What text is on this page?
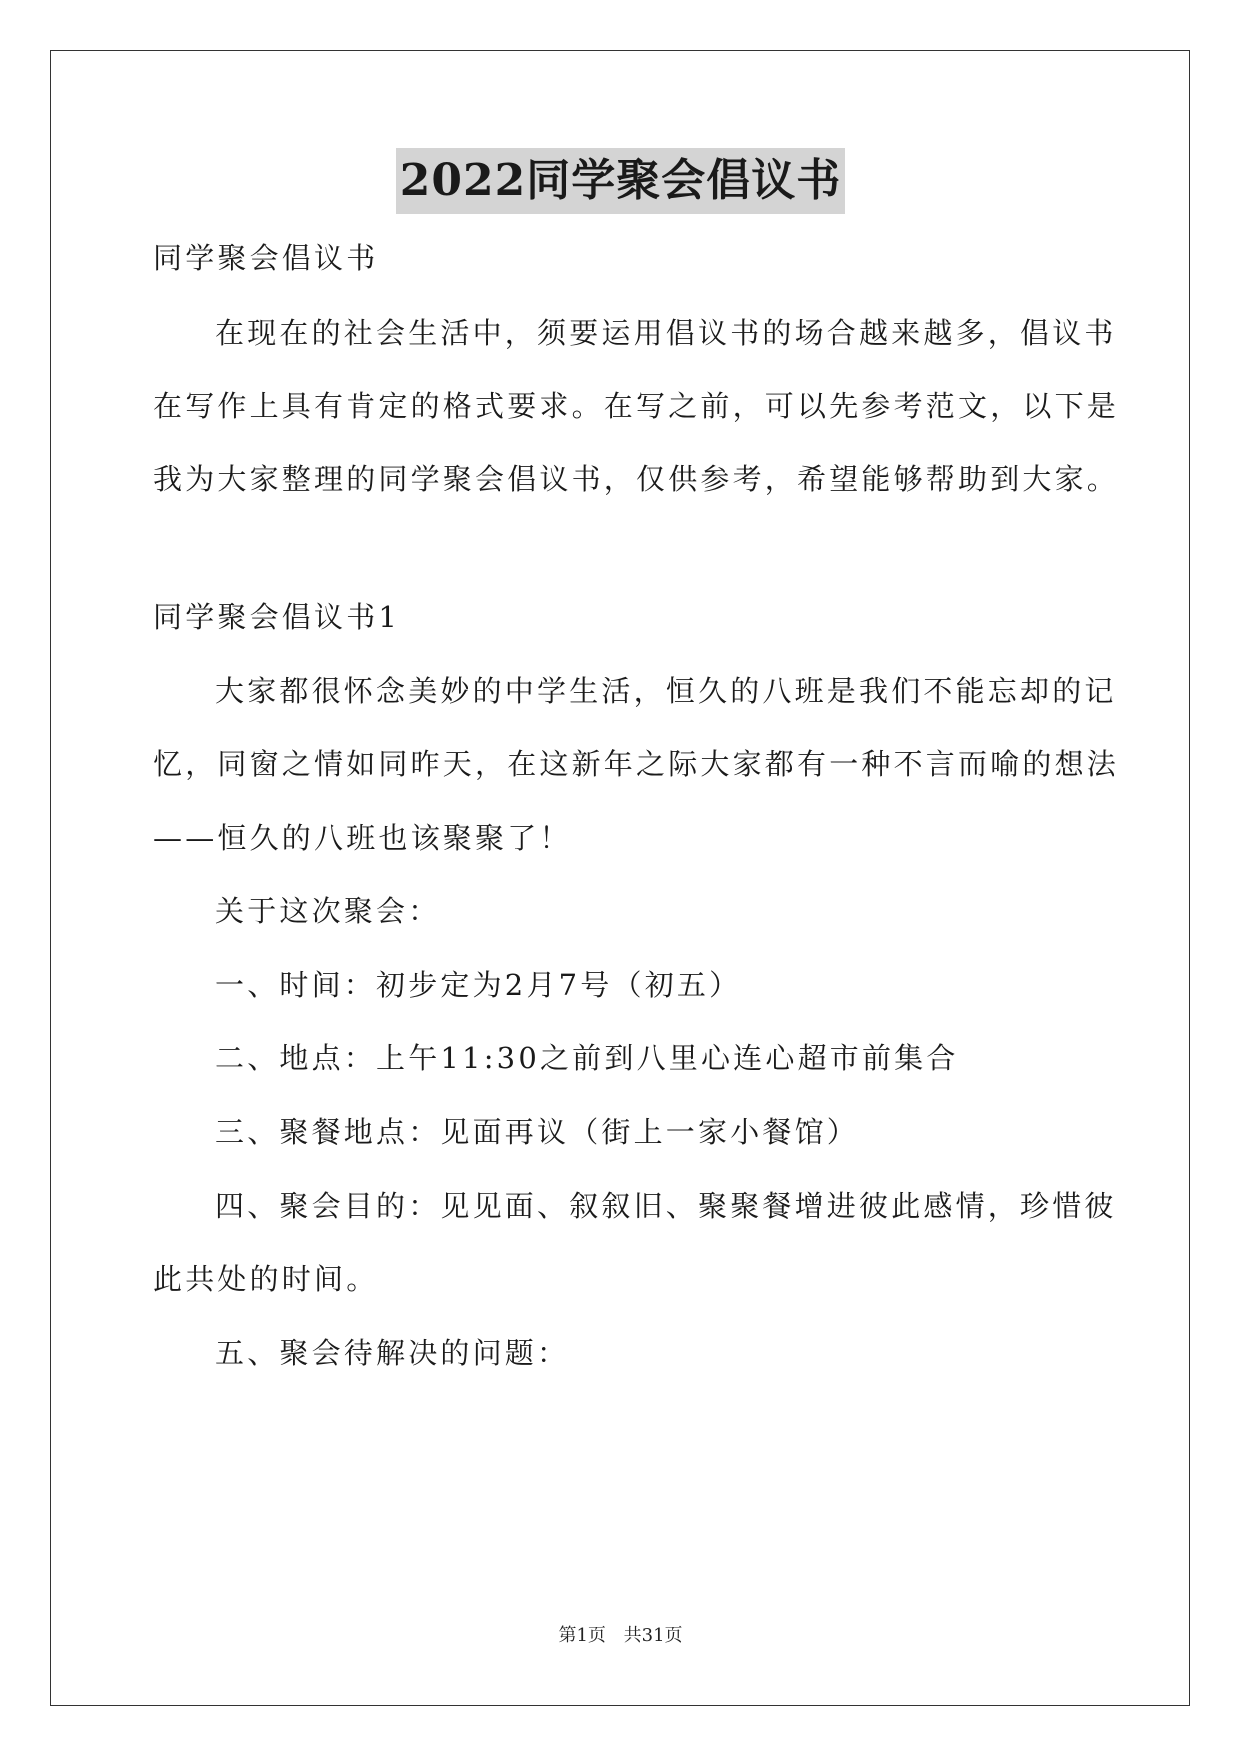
2022同学聚会倡议书
同学聚会倡议书
在现在的社会生活中，须要运用倡议书的场合越来越多，倡议书
在写作上具有肯定的格式要求。在写之前，可以先参考范文，以下是
我为大家整理的同学聚会倡议书，仅供参考，希望能够帮助到大家。
同学聚会倡议书1
大家都很怀念美妙的中学生活，恒久的八班是我们不能忘却的记
忆，同窗之情如同昨天，在这新年之际大家都有一种不言而喻的想法
——恒久的八班也该聚聚了！
关于这次聚会：
一、时间：初步定为2月7号（初五）
二、地点：上午11:30之前到八里心连心超市前集合
三、聚餐地点：见面再议（街上一家小餐馆）
四、聚会目的：见见面、叙叙旧、聚聚餐增进彼此感情，珍惜彼
此共处的时间。
五、聚会待解决的问题：
第1页 共31页
